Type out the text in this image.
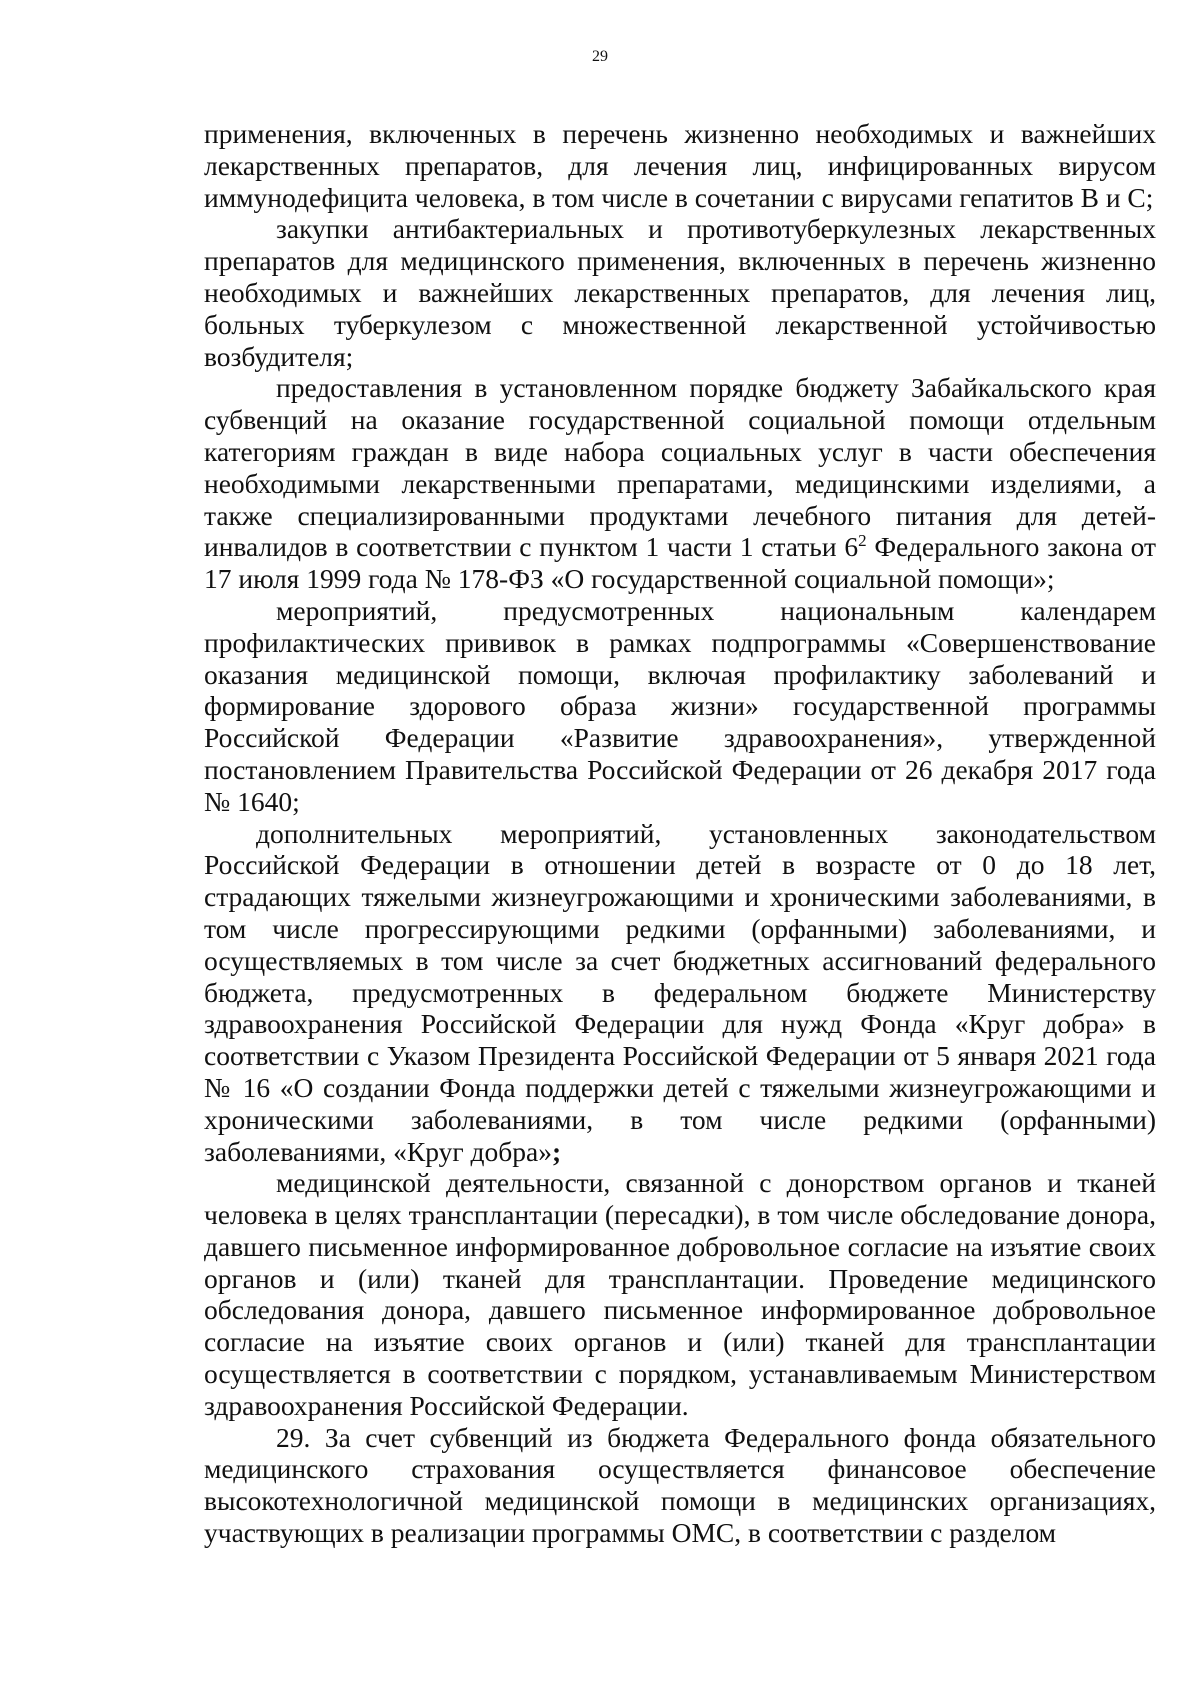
29

применения, включенных в перечень жизненно необходимых и важнейших лекарственных препаратов, для лечения лиц, инфицированных вирусом иммунодефицита человека, в том числе в сочетании с вирусами гепатитов B и C;

закупки антибактериальных и противотуберкулезных лекарственных препаратов для медицинского применения, включенных в перечень жизненно необходимых и важнейших лекарственных препаратов, для лечения лиц, больных туберкулезом с множественной лекарственной устойчивостью возбудителя;

предоставления в установленном порядке бюджету Забайкальского края субвенций на оказание государственной социальной помощи отдельным категориям граждан в виде набора социальных услуг в части обеспечения необходимыми лекарственными препаратами, медицинскими изделиями, а также специализированными продуктами лечебного питания для детей-инвалидов в соответствии с пунктом 1 части 1 статьи $6^2$ Федерального закона от 17 июля 1999 года № 178-ФЗ «О государственной социальной помощи»;

мероприятий, предусмотренных национальным календарем профилактических прививок в рамках подпрограммы «Совершенствование оказания медицинской помощи, включая профилактику заболеваний и формирование здорового образа жизни» государственной программы Российской Федерации «Развитие здравоохранения», утвержденной постановлением Правительства Российской Федерации от 26 декабря 2017 года № 1640;

дополнительных мероприятий, установленных законодательством Российской Федерации в отношении детей в возрасте от 0 до 18 лет, страдающих тяжелыми жизнеугрожающими и хроническими заболеваниями, в том числе прогрессирующими редкими (орфанными) заболеваниями, и осуществляемых в том числе за счет бюджетных ассигнований федерального бюджета, предусмотренных в федеральном бюджете Министерству здравоохранения Российской Федерации для нужд Фонда «Круг добра» в соответствии с Указом Президента Российской Федерации от 5 января 2021 года № 16 «О создании Фонда поддержки детей с тяжелыми жизнеугрожающими и хроническими заболеваниями, в том числе редкими (орфанными) заболеваниями, «Круг добра»;

медицинской деятельности, связанной с донорством органов и тканей человека в целях трансплантации (пересадки), в том числе обследование донора, давшего письменное информированное добровольное согласие на изъятие своих органов и (или) тканей для трансплантации. Проведение медицинского обследования донора, давшего письменное информированное добровольное согласие на изъятие своих органов и (или) тканей для трансплантации осуществляется в соответствии с порядком, устанавливаемым Министерством здравоохранения Российской Федерации.

29. За счет субвенций из бюджета Федерального фонда обязательного медицинского страхования осуществляется финансовое обеспечение высокотехнологичной медицинской помощи в медицинских организациях, участвующих в реализации программы ОМС, в соответствии с разделом
